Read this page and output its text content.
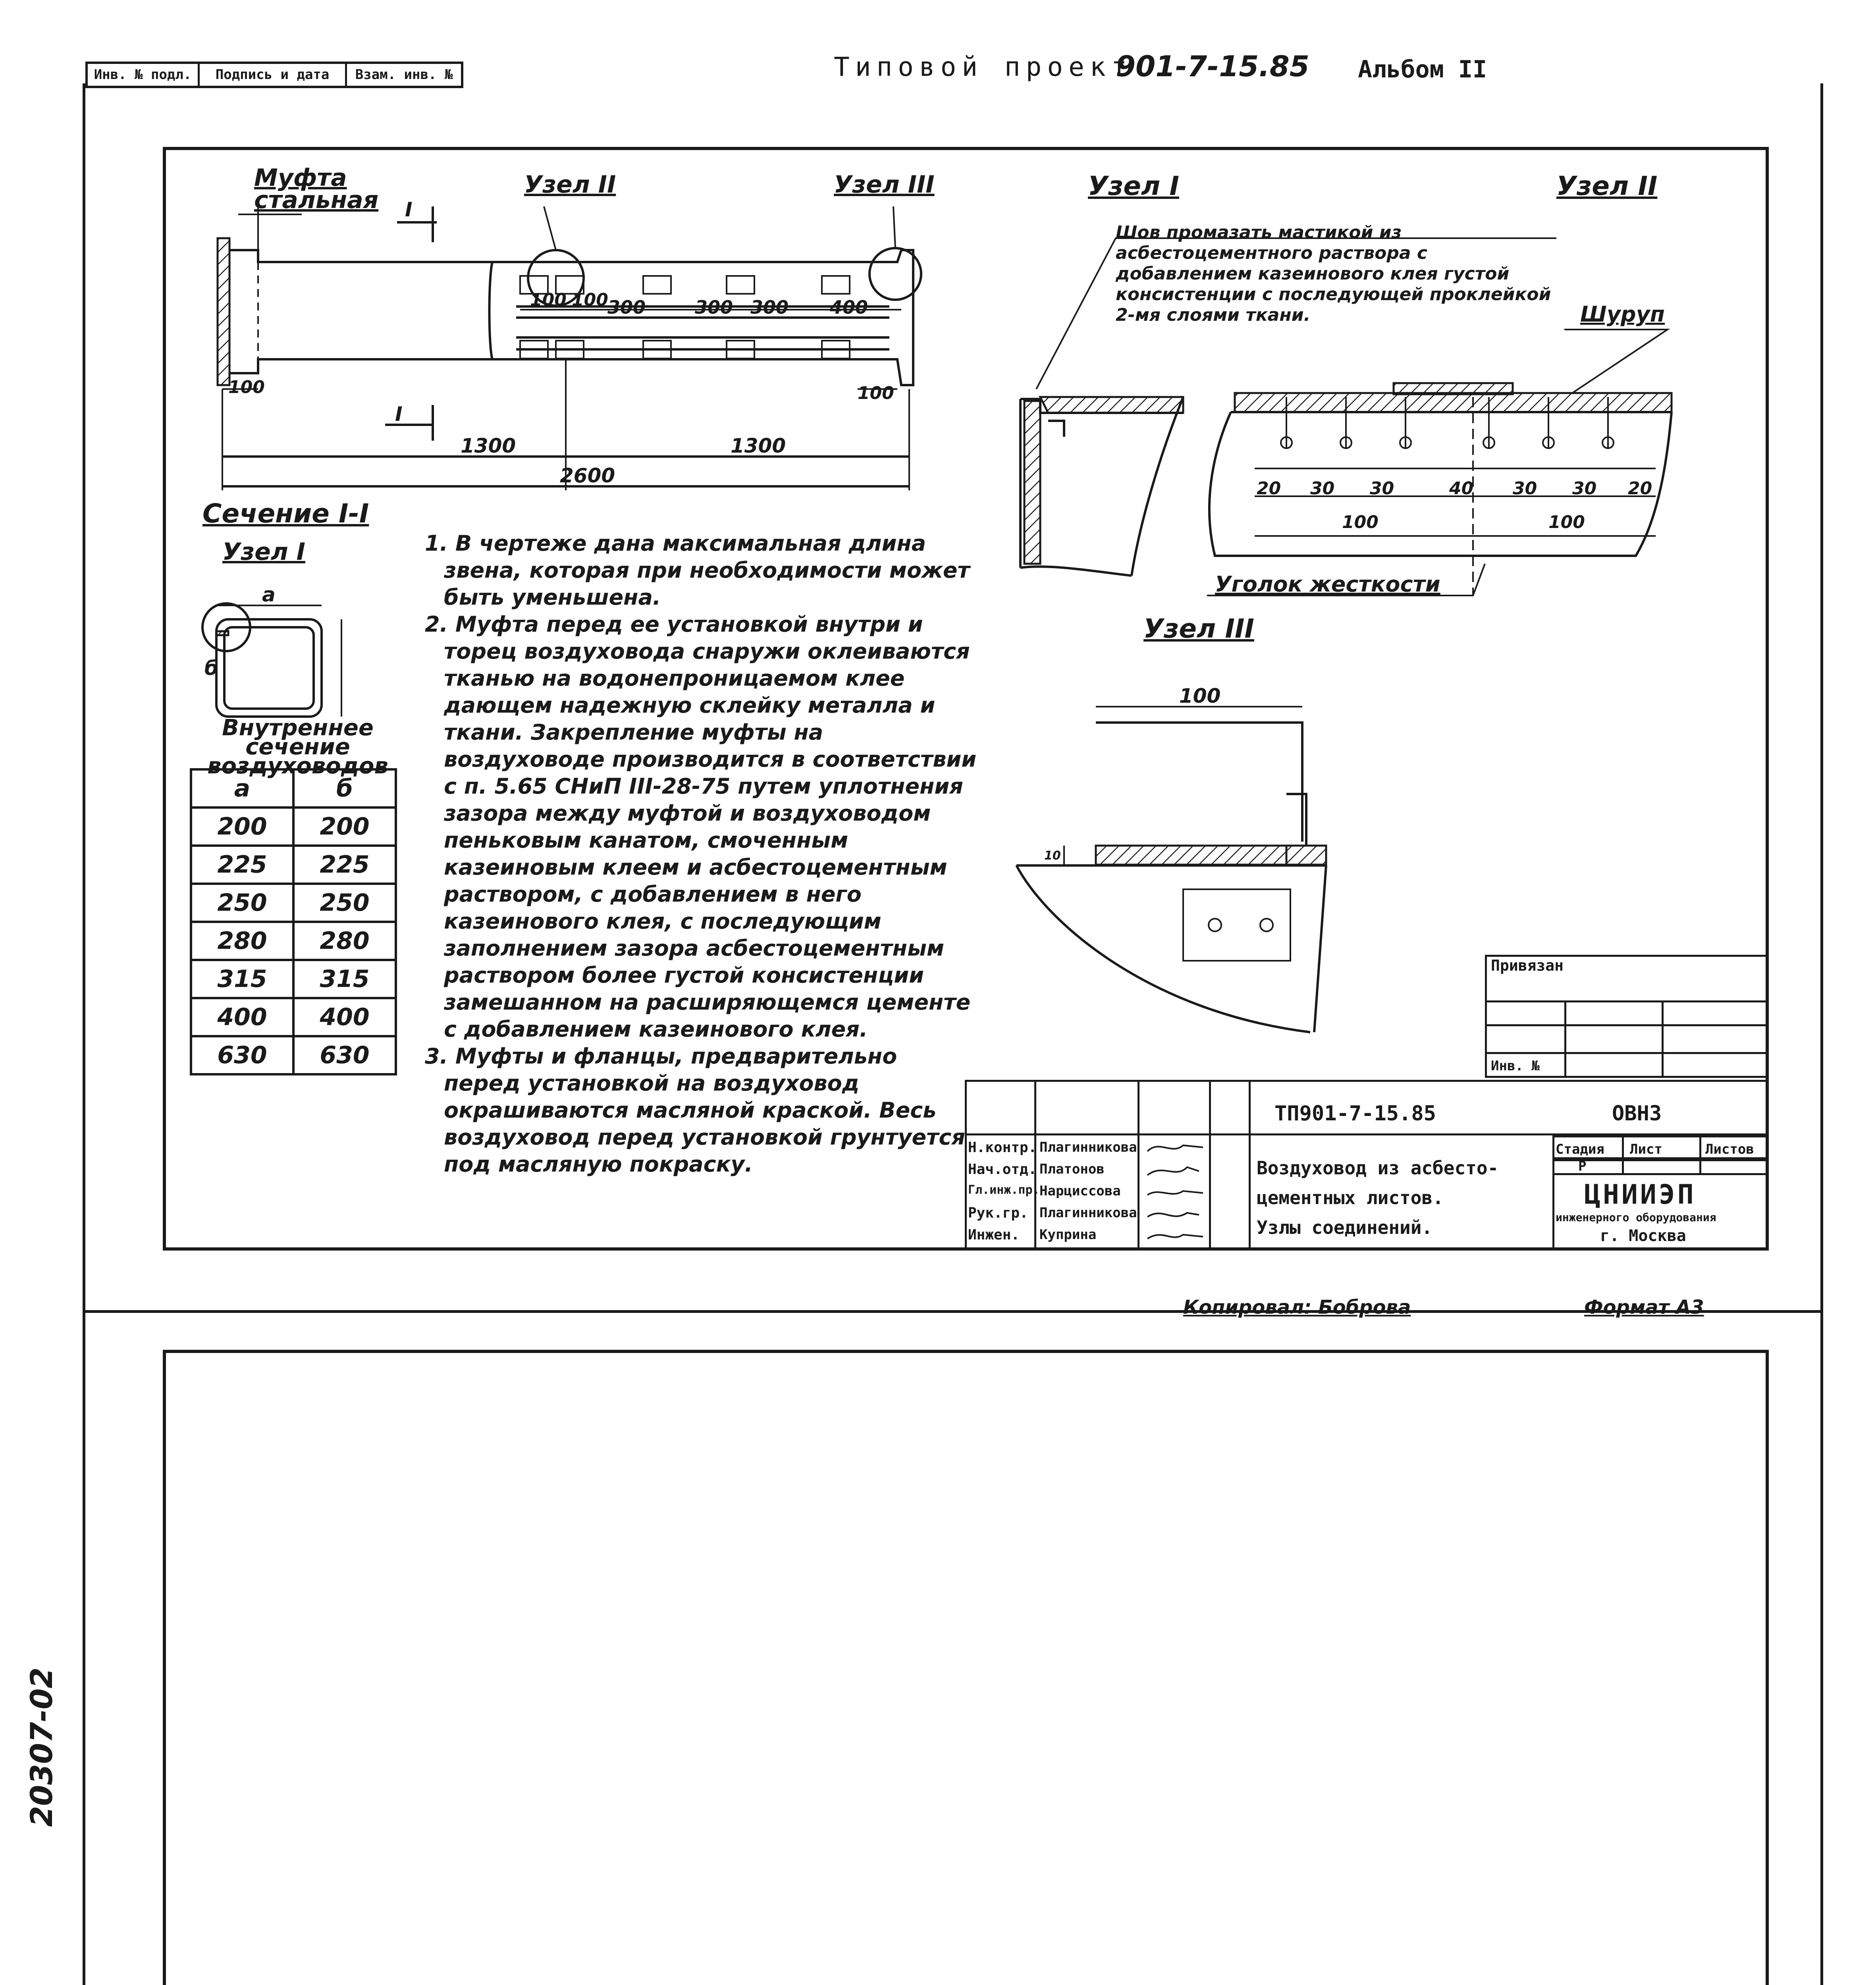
Инв. № подл.	Подпись и дата	Взам. инв. №	Типовой проект
901-7-15.85 Альбом II
100 100
300	300 300 400
100	100
1300	1300
2600
I
I
20 30 30	40 30 30 20
100	100
100
10
б
а
Муфта стальная
Узел II	Узел III
Сечение I-I
Узел I
Узел I
Шов промазать мастикой из асбестоцементного раствора с добавлением казеинового клея густой консистенции с последующей проклейкой 2-мя слоями ткани.
Узел II
Шуруп
Уголок жесткости
Узел III
Внутреннее сечение воздуховодов
а	б
200	200
225	225
250	250
280	280
315	315
400	400
630	630

1. В чертеже дана максимальная длина звена, которая при необходимости может быть уменьшена.

2. Муфта перед ее установкой внутри и торец воздуховода снаружи оклеиваются тканью на водонепроницаемом клее дающем надежную склейку металла и ткани. Закрепление муфты на воздуховоде производится в соответствии с п. 5.65 СНиП III-28-75 путем уплотнения зазора между муфтой и воздуховодом пеньковым канатом, смоченным казеиновым клеем и асбестоцементным раствором, с добавлением в него казеинового клея, с последующим заполнением зазора асбестоцементным раствором более густой консистенции замешанном на расширяющемся цементе с добавлением казеинового клея.

3. Муфты и фланцы, предварительно перед установкой на воздуховод окрашиваются масляной краской. Весь воздуховод перед установкой грунтуется под масляную покраску.

Привязан
Инв. №
ТП901-7-15.85	ОВН3
Н.контр. Плагинникова
Нач.отд. Платонов
Гл.инж.пр. Нарциссова
Рук.гр. Плагинникова
Инжен. Куприна
Воздуховод из асбесто-
цементных листов.
Узлы соединений.
Стадия Лист	Листов
Р
ЦНИИЭП
инженерного оборудования
г. Москва
Копировал: Боброва	Формат А3
20307-02
